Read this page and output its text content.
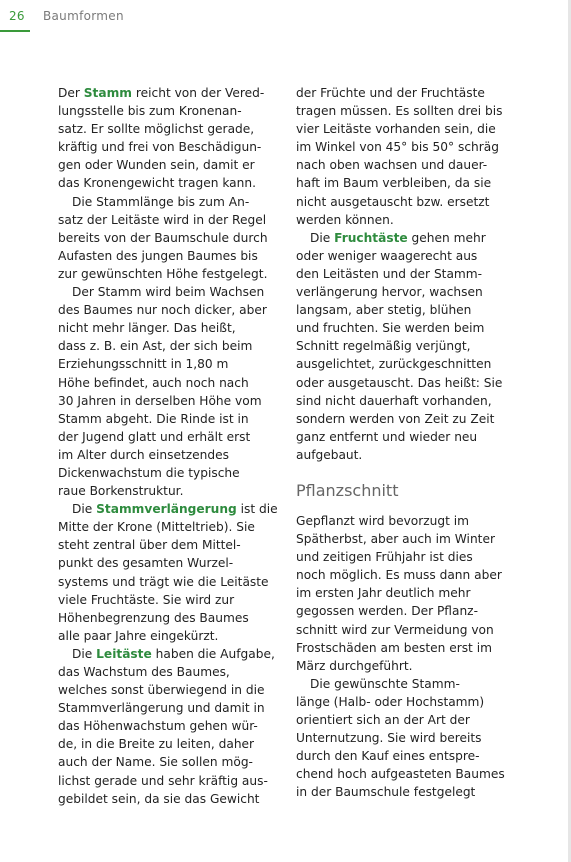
26 Baumformen
Der Stamm reicht von der Vered-
lungsstelle bis zum Kronenan-
satz. Er sollte möglichst gerade,
kräftig und frei von Beschädigun-
gen oder Wunden sein, damit er
das Kronengewicht tragen kann.
Die Stammlänge bis zum An-
satz der Leitäste wird in der Regel
bereits von der Baumschule durch
Aufasten des jungen Baumes bis
zur gewünschten Höhe festgelegt.
Der Stamm wird beim Wachsen
des Baumes nur noch dicker, aber
nicht mehr länger. Das heißt,
dass z. B. ein Ast, der sich beim
Erziehungsschnitt in 1,80 m
Höhe befindet, auch noch nach
30 Jahren in derselben Höhe vom
Stamm abgeht. Die Rinde ist in
der Jugend glatt und erhält erst
im Alter durch einsetzendes
Dickenwachstum die typische
raue Borkenstruktur.
Die Stammverlängerung ist die
Mitte der Krone (Mitteltrieb). Sie
steht zentral über dem Mittel-
punkt des gesamten Wurzel-
systems und trägt wie die Leitäste
viele Fruchtäste. Sie wird zur
Höhenbegrenzung des Baumes
alle paar Jahre eingekürzt.
Die Leitäste haben die Aufgabe,
das Wachstum des Baumes,
welches sonst überwiegend in die
Stammverlängerung und damit in
das Höhenwachstum gehen wür-
de, in die Breite zu leiten, daher
auch der Name. Sie sollen mög-
lichst gerade und sehr kräftig aus-
gebildet sein, da sie das Gewicht
der Früchte und der Fruchtäste
tragen müssen. Es sollten drei bis
vier Leitäste vorhanden sein, die
im Winkel von 45° bis 50° schräg
nach oben wachsen und dauer-
haft im Baum verbleiben, da sie
nicht ausgetauscht bzw. ersetzt
werden können.
Die Fruchtäste gehen mehr
oder weniger waagerecht aus
den Leitästen und der Stamm-
verlängerung hervor, wachsen
langsam, aber stetig, blühen
und fruchten. Sie werden beim
Schnitt regelmäßig verjüngt,
ausgelichtet, zurückgeschnitten
oder ausgetauscht. Das heißt: Sie
sind nicht dauerhaft vorhanden,
sondern werden von Zeit zu Zeit
ganz entfernt und wieder neu
aufgebaut.
Pflanzschnitt
Gepflanzt wird bevorzugt im
Spätherbst, aber auch im Winter
und zeitigen Frühjahr ist dies
noch möglich. Es muss dann aber
im ersten Jahr deutlich mehr
gegossen werden. Der Pflanz-
schnitt wird zur Vermeidung von
Frostschäden am besten erst im
März durchgeführt.
Die gewünschte Stamm-
länge (Halb- oder Hochstamm)
orientiert sich an der Art der
Unternutzung. Sie wird bereits
durch den Kauf eines entspre-
chend hoch aufgeasteten Baumes
in der Baumschule festgelegt
